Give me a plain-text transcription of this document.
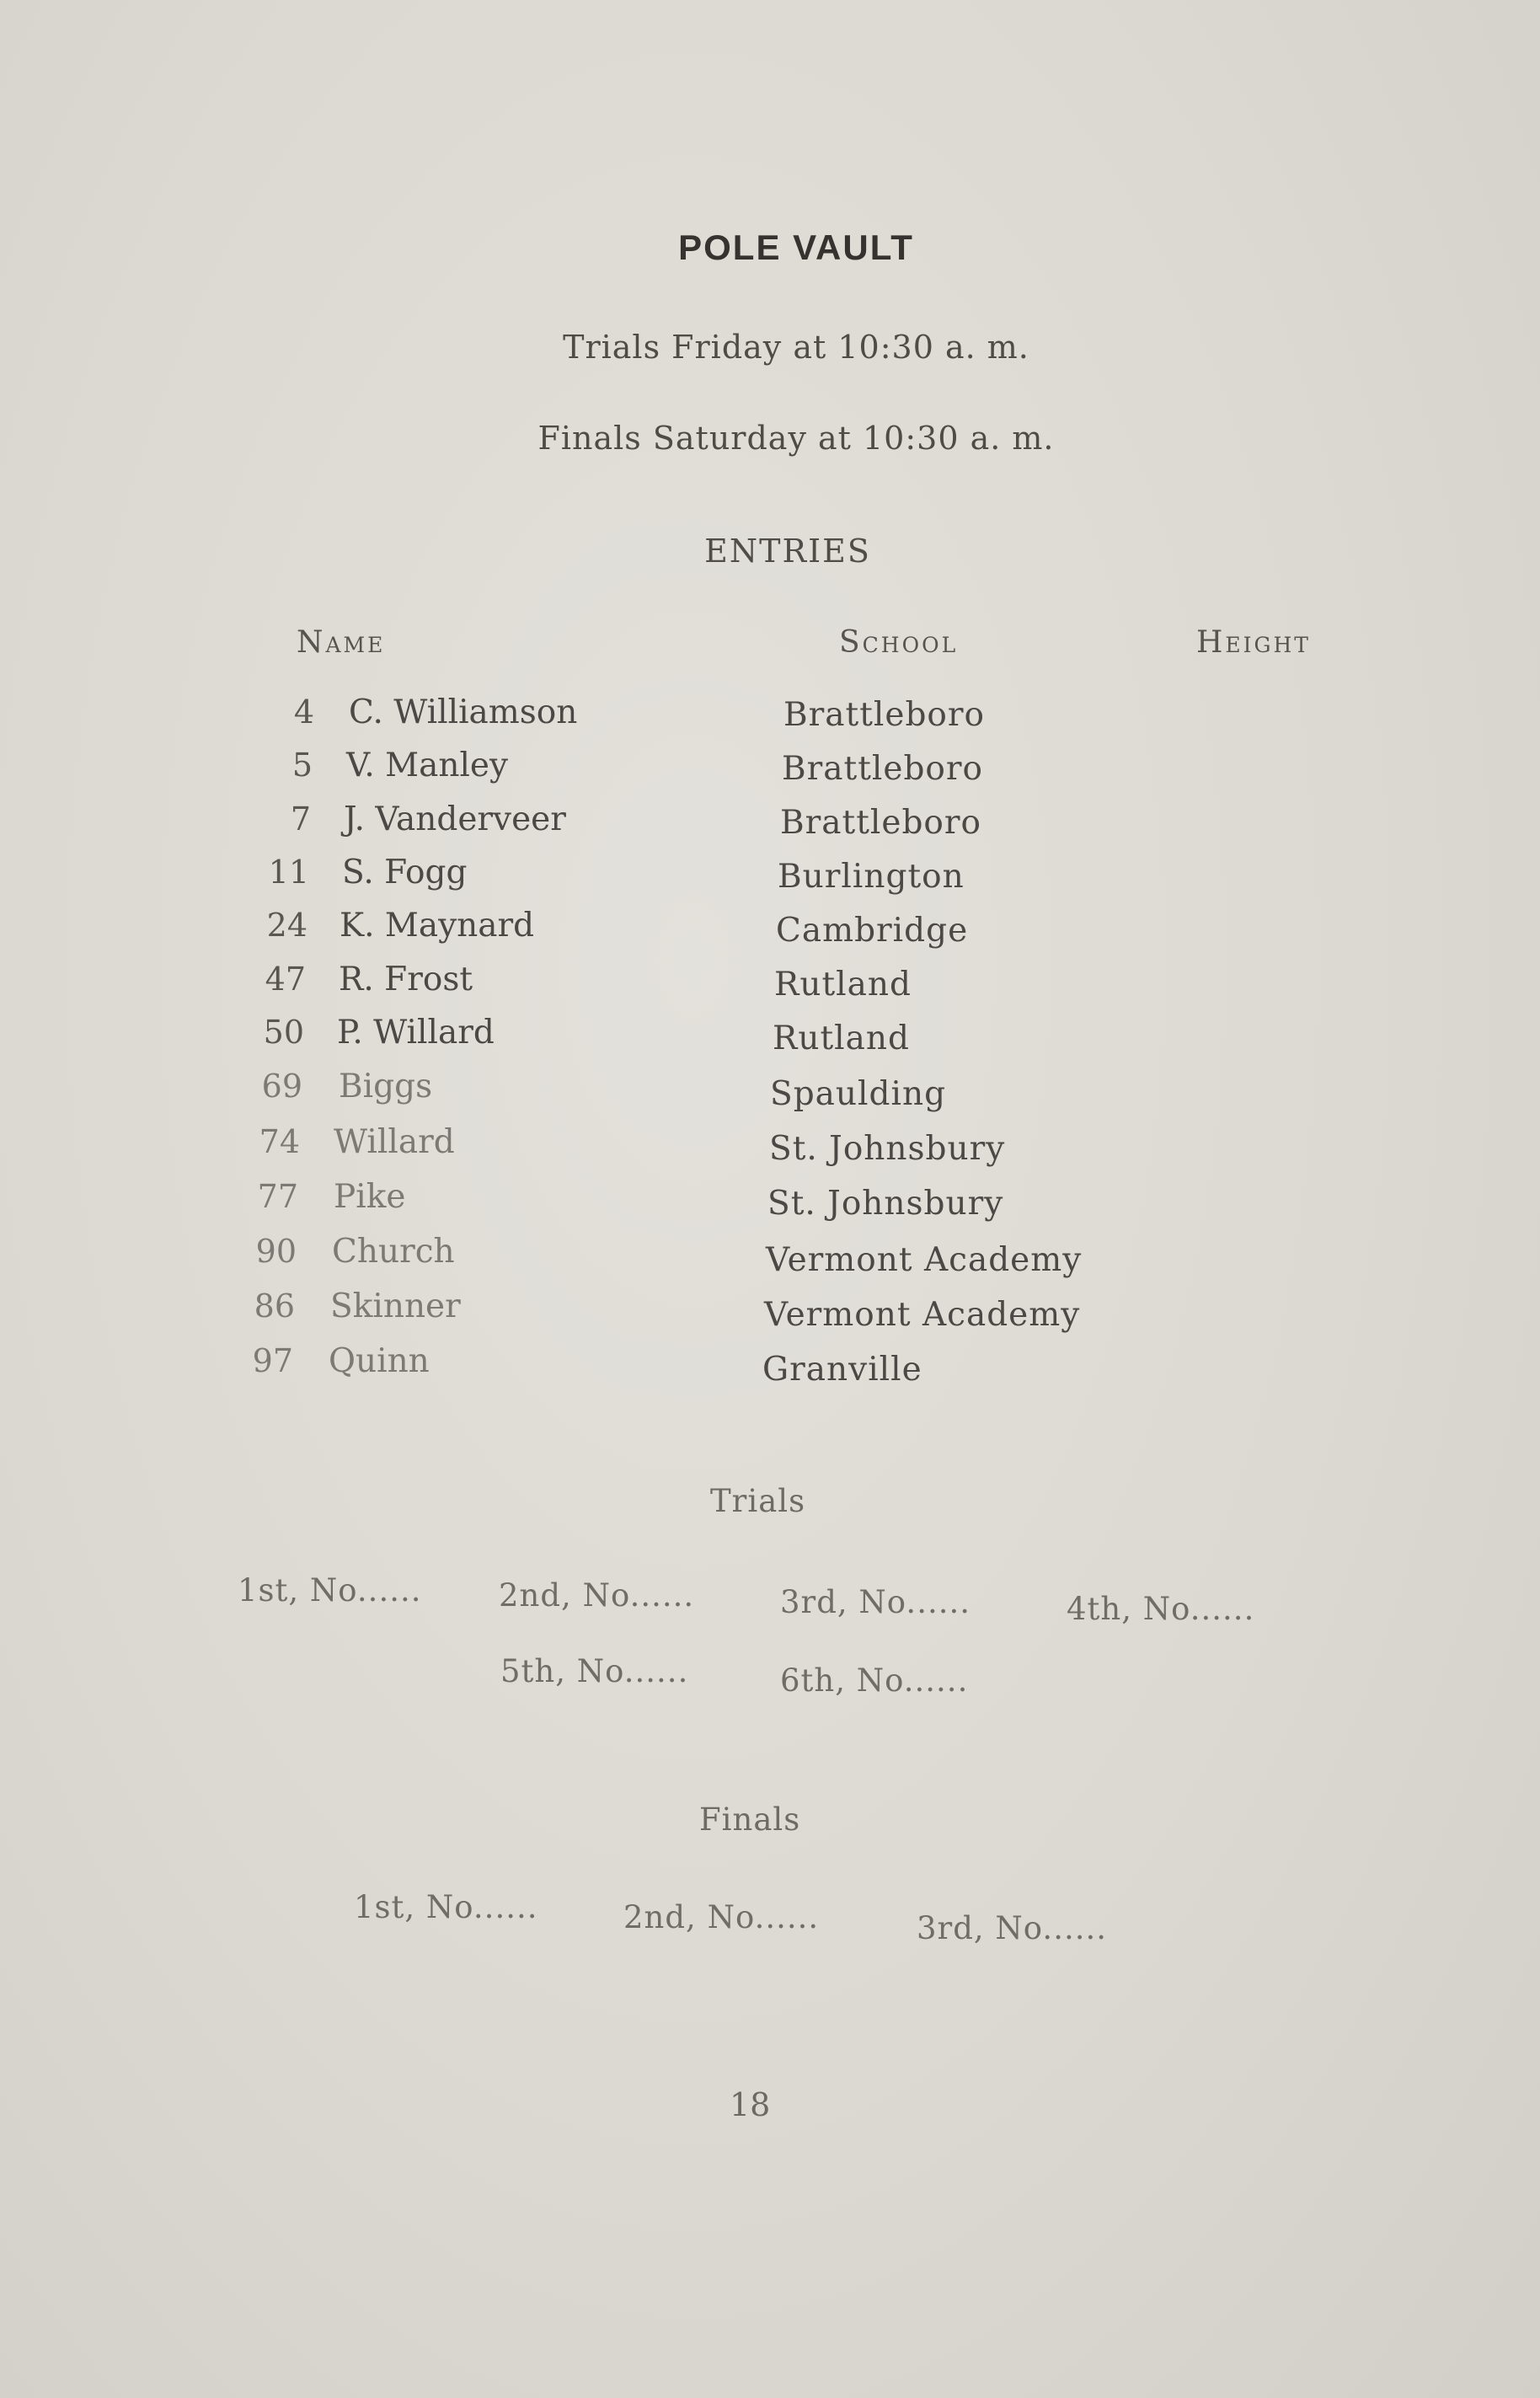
POLE VAULT
Trials Friday at 10:30 a. m.
Finals Saturday at 10:30 a. m.
ENTRIES
Name	School	Height
4 C. Williamson	Brattleboro
5 V. Manley	Brattleboro
7 J. Vanderveer	Brattleboro
11 S. Fogg	Burlington
24 K. Maynard	Cambridge
47 R. Frost	Rutland
50 P. Willard	Rutland
69 Biggs	Spaulding
74 Willard	St. Johnsbury
77 Pike	St. Johnsbury
90 Church	Vermont Academy
86 Skinner	Vermont Academy
97 Quinn	Granville
Trials
1st, No...... 2nd, No......	3rd, No......	4th, No......
5th, No......	6th, No......
Finals
1st, No......	2nd, No......	3rd, No......
18
